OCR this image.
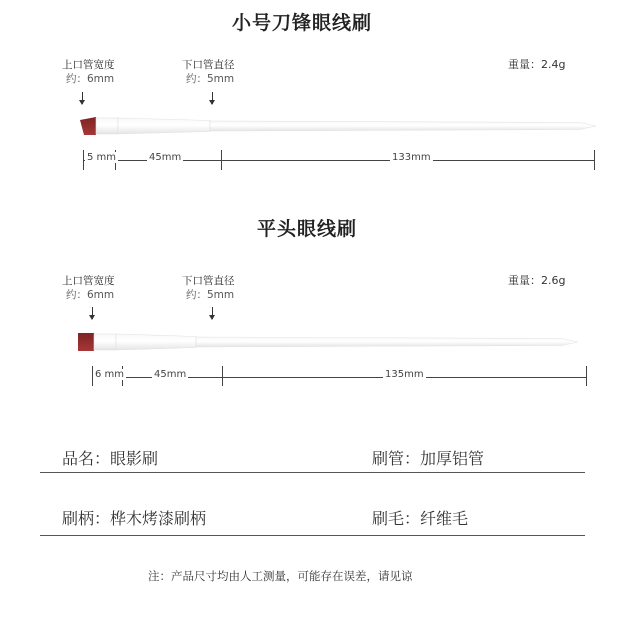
小号刀锋眼线刷
上口管宽度
约：6mm
下口管直径
约：5mm
重量：2.4g
5 mm	45mm	133mm
平头眼线刷
上口管宽度
约：6mm
下口管直径
约：5mm
重量：2.6g
6 mm	45mm	135mm
品名：眼影刷	刷管：加厚铝管
刷柄：桦木烤漆刷柄	刷毛：纤维毛
注：产品尺寸均由人工测量，可能存在误差，请见谅
